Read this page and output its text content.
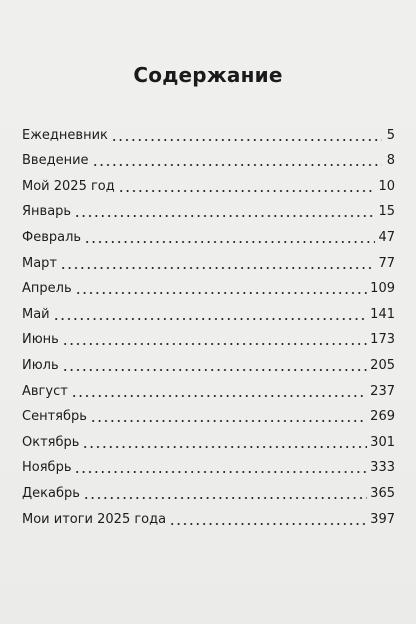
Содержание
Ежедневник	5
Введение	8
Мой 2025 год	10
Январь	15
Февраль	47
Март	77
Апрель	109
Май	141
Июнь	173
Июль	205
Август	237
Сентябрь	269
Октябрь	301
Ноябрь	333
Декабрь	365
Мои итоги 2025 года	397
